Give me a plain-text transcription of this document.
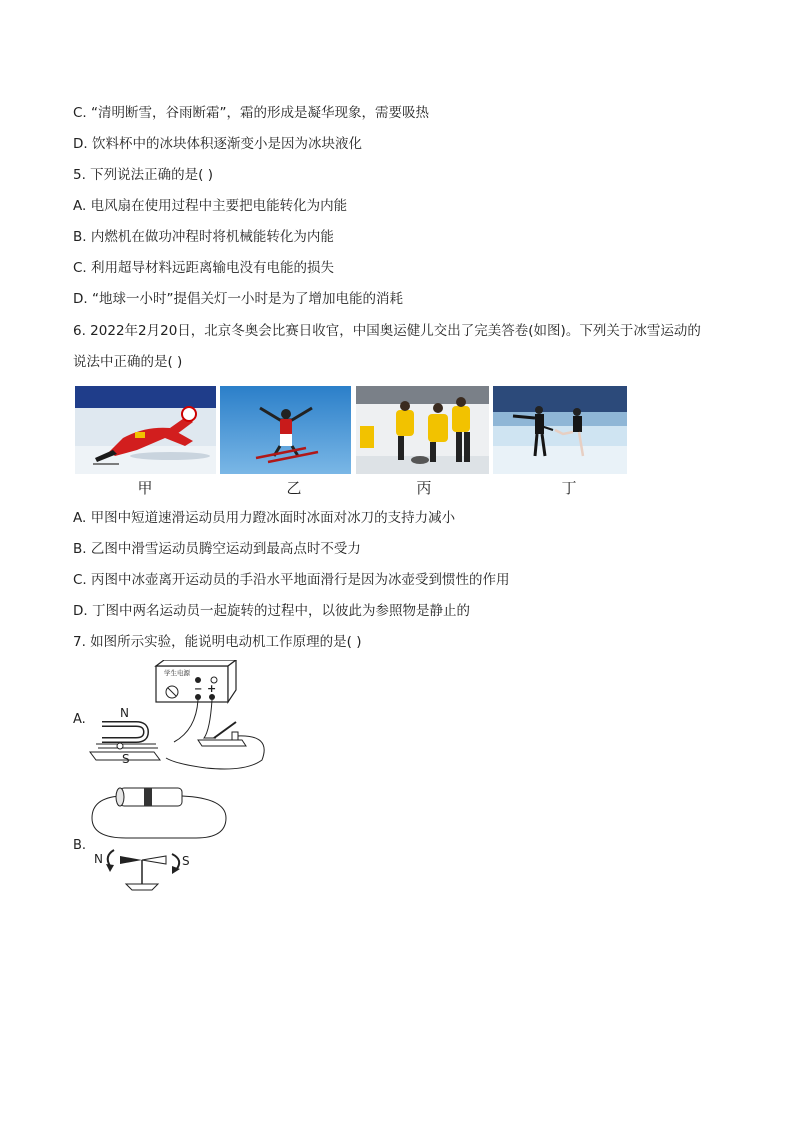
C. “清明断雪，谷雨断霜”，霜的形成是凝华现象，需要吸热
D. 饮料杯中的冰块体积逐渐变小是因为冰块液化
5. 下列说法正确的是( )
A. 电风扇在使用过程中主要把电能转化为内能
B. 内燃机在做功冲程时将机械能转化为内能
C. 利用超导材料远距离输电没有电能的损失
D. “地球一小时”提倡关灯一小时是为了增加电能的消耗
6. 2022年2月20日，北京冬奥会比赛日收官，中国奥运健儿交出了完美答卷(如图)。下列关于冰雪运动的
说法中正确的是( )
甲	乙	丙	丁
A. 甲图中短道速滑运动员用力蹬冰面时冰面对冰刀的支持力减小
B. 乙图中滑雪运动员腾空运动到最高点时不受力
C. 丙图中冰壶离开运动员的手沿水平地面滑行是因为冰壶受到惯性的作用
D. 丁图中两名运动员一起旋转的过程中，以彼此为参照物是静止的
7. 如图所示实验，能说明电动机工作原理的是( )
A.
学生电源
− +
N
S
B.
N	S
